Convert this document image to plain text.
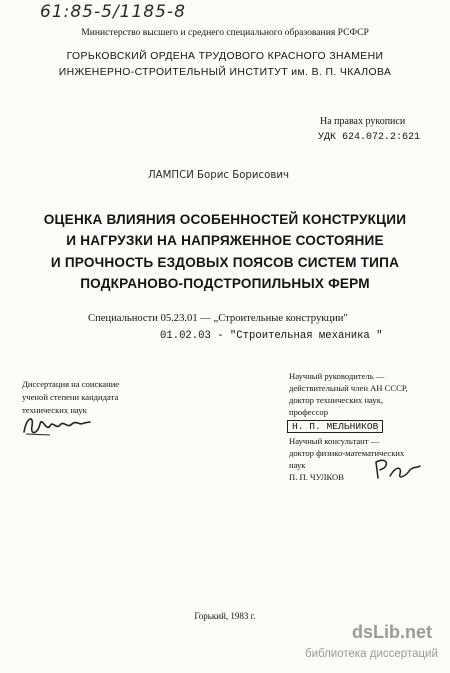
61:85-5/1185-8
Министерство высшего и среднего специального образования РСФСР
ГОРЬКОВСКИЙ ОРДЕНА ТРУДОВОГО КРАСНОГО ЗНАМЕНИ
ИНЖЕНЕРНО-СТРОИТЕЛЬНЫЙ ИНСТИТУТ им. В. П. ЧКАЛОВА
На правах рукописи
УДК 624.072.2:621
ЛАМПСИ Борис Борисович
ОЦЕНКА ВЛИЯНИЯ ОСОБЕННОСТЕЙ КОНСТРУКЦИИ
И НАГРУЗКИ НА НАПРЯЖЕННОЕ СОСТОЯНИЕ
И ПРОЧНОСТЬ ЕЗДОВЫХ ПОЯСОВ СИСТЕМ ТИПА
ПОДКРАНОВО-ПОДСТРОПИЛЬНЫХ ФЕРМ
Специальности 05.23.01 — „Строительные конструкции"
01.02.03 - "Строительная механика "
Диссертация на соискание
ученой степени кандидата
технических наук
Научный руководитель —
действительный член АН СССР,
доктор технических наук,
профессор
Н. П. МЕЛЬНИКОВ
Научный консультант —
доктор физико-математических
наук
П. П. ЧУЛКОВ
Горький, 1983 г.
dsLib.net
библиотека диссертаций
